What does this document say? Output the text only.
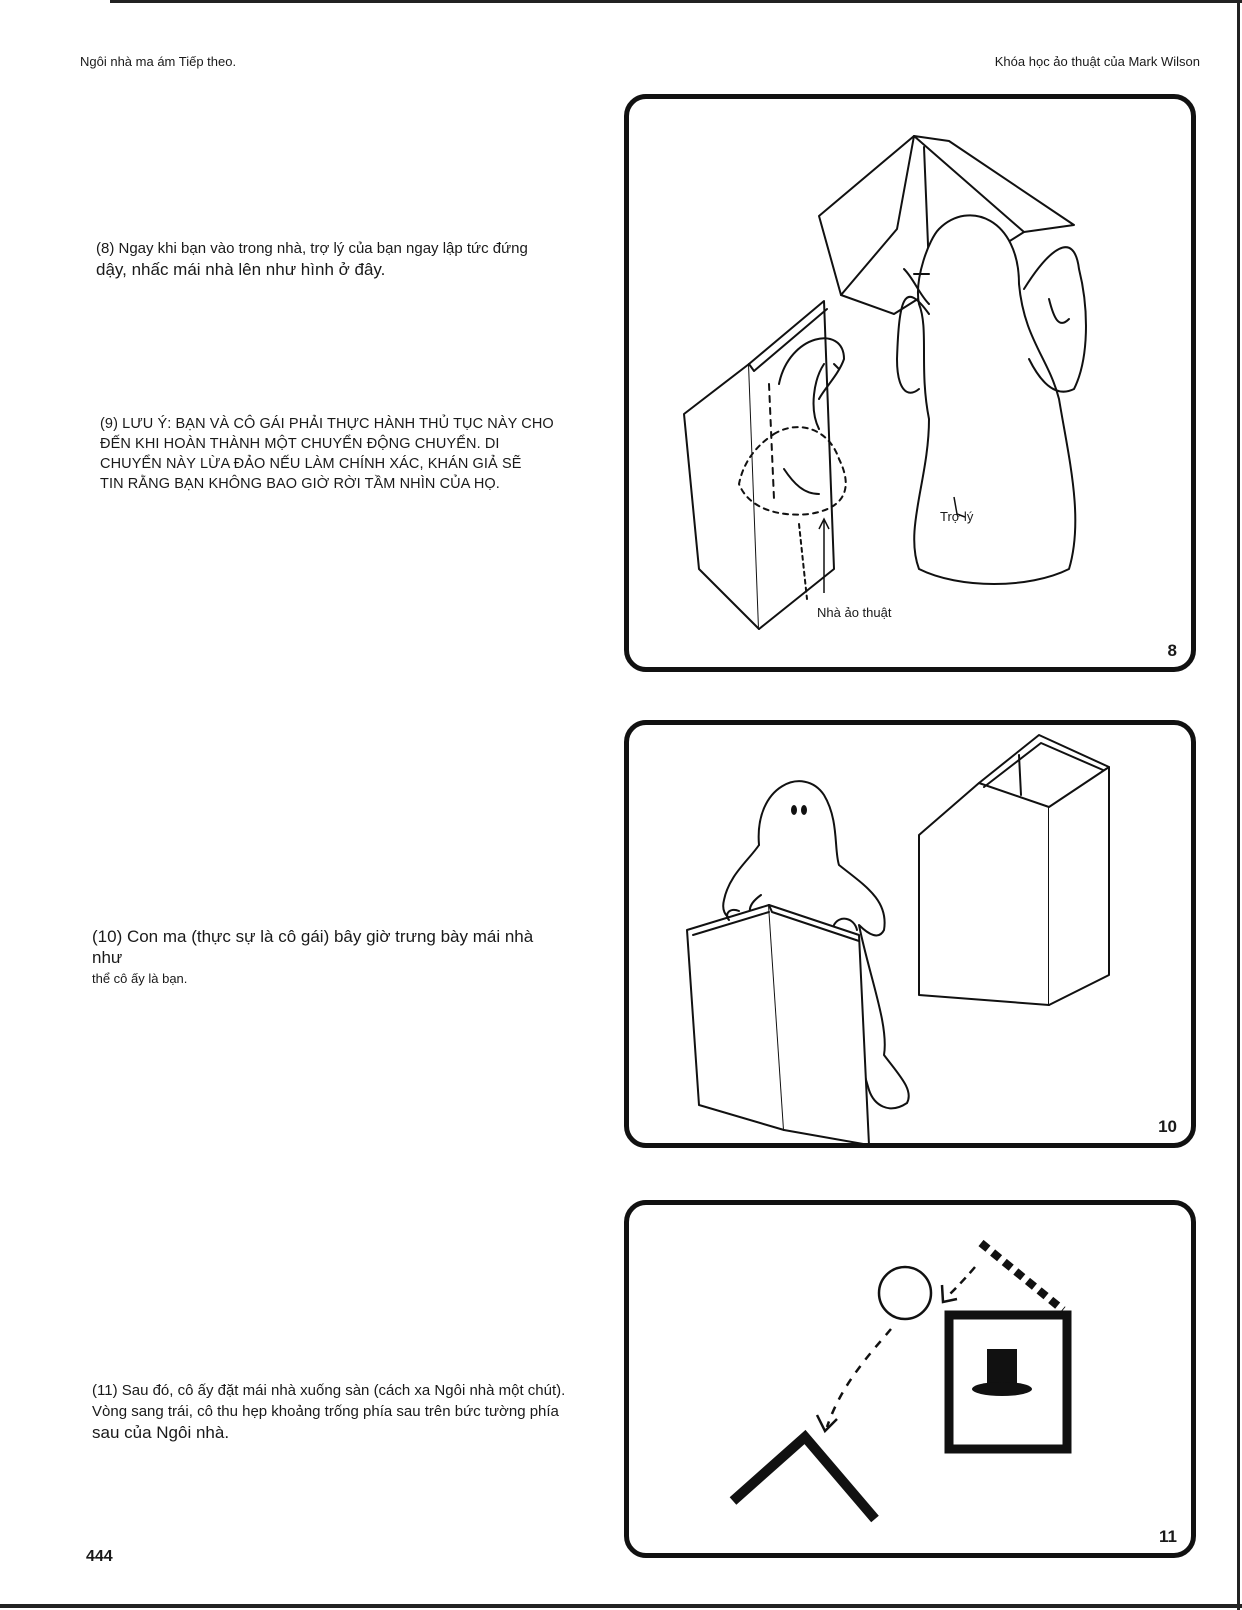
Ngôi nhà ma ám Tiếp theo.	Khóa học ảo thuật của Mark Wilson

(8) Ngay khi bạn vào trong nhà, trợ lý của bạn ngay lập tức đứng

dậy, nhấc mái nhà lên như hình ở đây.

(9) LƯU Ý: BẠN VÀ CÔ GÁI PHẢI THỰC HÀNH THỦ TỤC NÀY CHO

ĐẾN KHI HOÀN THÀNH MỘT CHUYỂN ĐỘNG CHUYỂN. DI

CHUYỂN NÀY LỪA ĐẢO NẾU LÀM CHÍNH XÁC, KHÁN GIẢ SẼ

TIN RẰNG BẠN KHÔNG BAO GIỜ RỜI TẦM NHÌN CỦA HỌ.

(10) Con ma (thực sự là cô gái) bây giờ trưng bày mái nhà như

thể cô ấy là bạn.

(11) Sau đó, cô ấy đặt mái nhà xuống sàn (cách xa Ngôi nhà một chút).

Vòng sang trái, cô thu hẹp khoảng trống phía sau trên bức tường phía

sau của Ngôi nhà.

Trợ lý
Nhà ảo thuật
8
10
11
444
